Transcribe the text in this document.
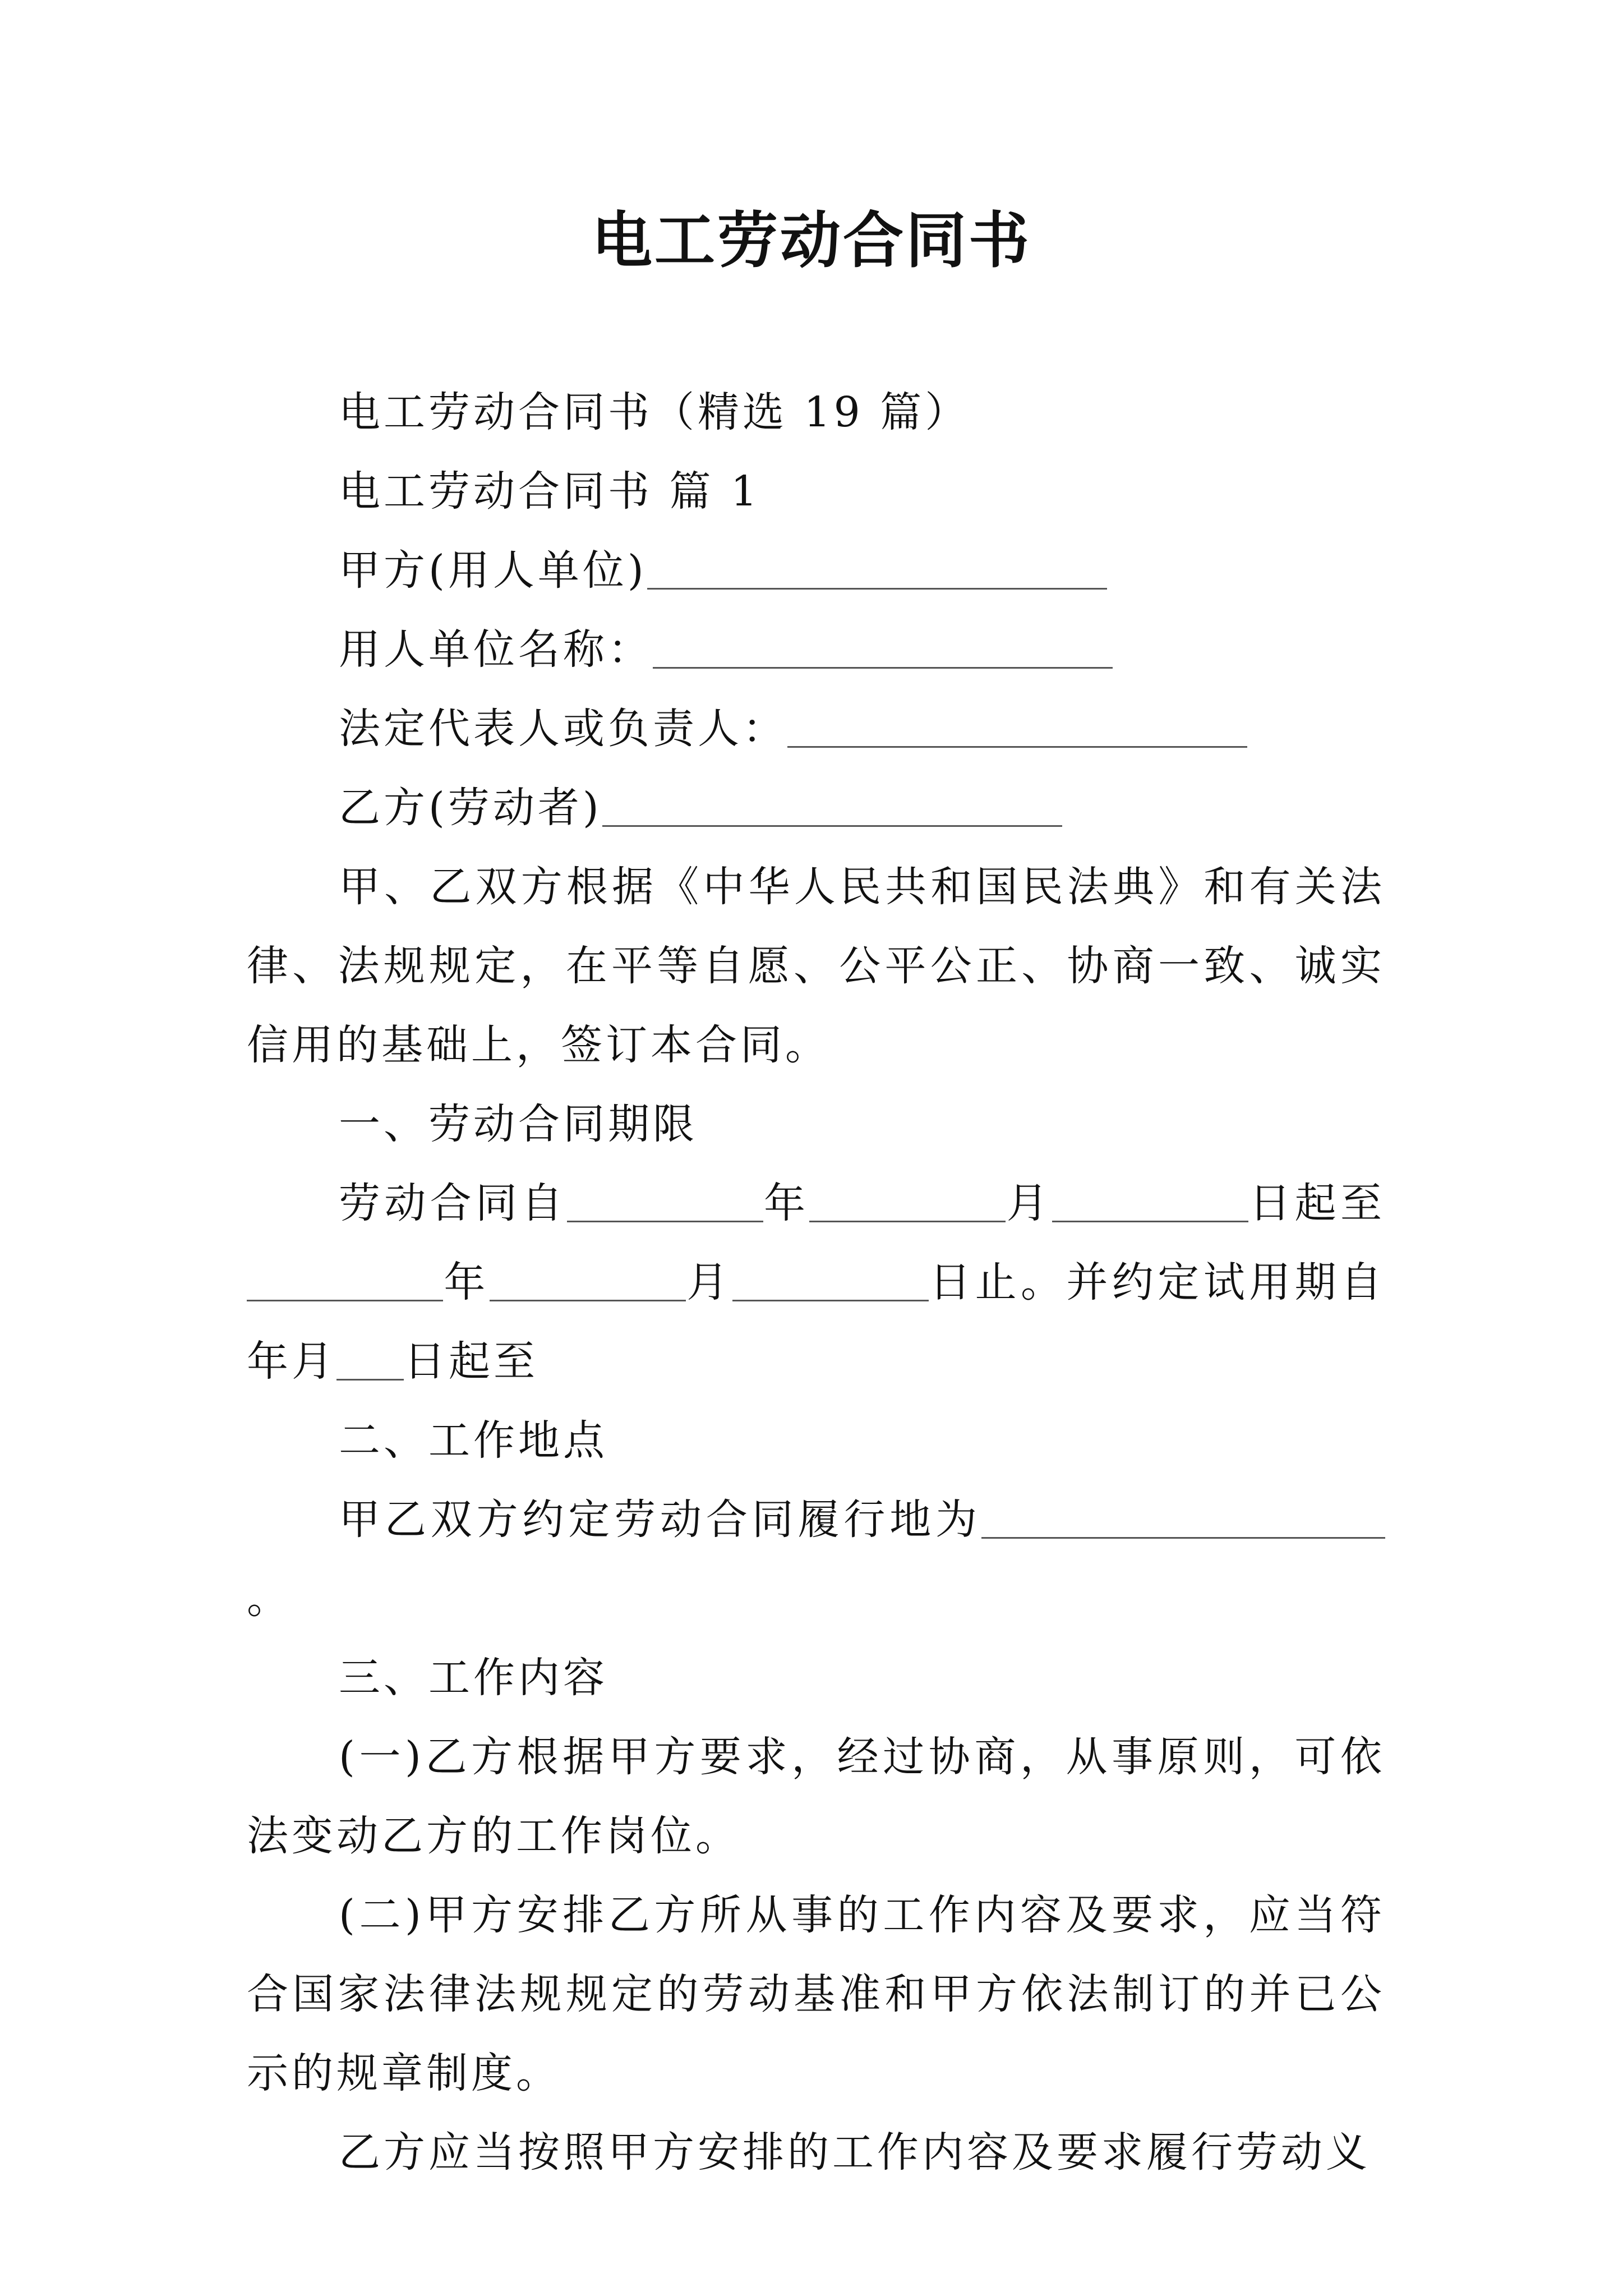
电工劳动合同书

电工劳动合同书（精选 19 篇）

电工劳动合同书 篇 1

甲方(用人单位)

用人单位名称：

法定代表人或负责人：

乙方(劳动者)

甲、乙双方根据《中华人民共和国民法典》和有关法律、法规规定，在平等自愿、公平公正、协商一致、诚实信用的基础上，签订本合同。

一、劳动合同期限

劳动合同自	年	月	日起至年	月	日止。并约定试用期自年月 日起至

二、工作地点

甲乙双方约定劳动合同履行地为。

三、工作内容

(一)乙方根据甲方要求，经过协商，从事原则，可依法变动乙方的工作岗位。

(二)甲方安排乙方所从事的工作内容及要求，应当符合国家法律法规规定的劳动基准和甲方依法制订的并已公示的规章制度。

乙方应当按照甲方安排的工作内容及要求履行劳动义
